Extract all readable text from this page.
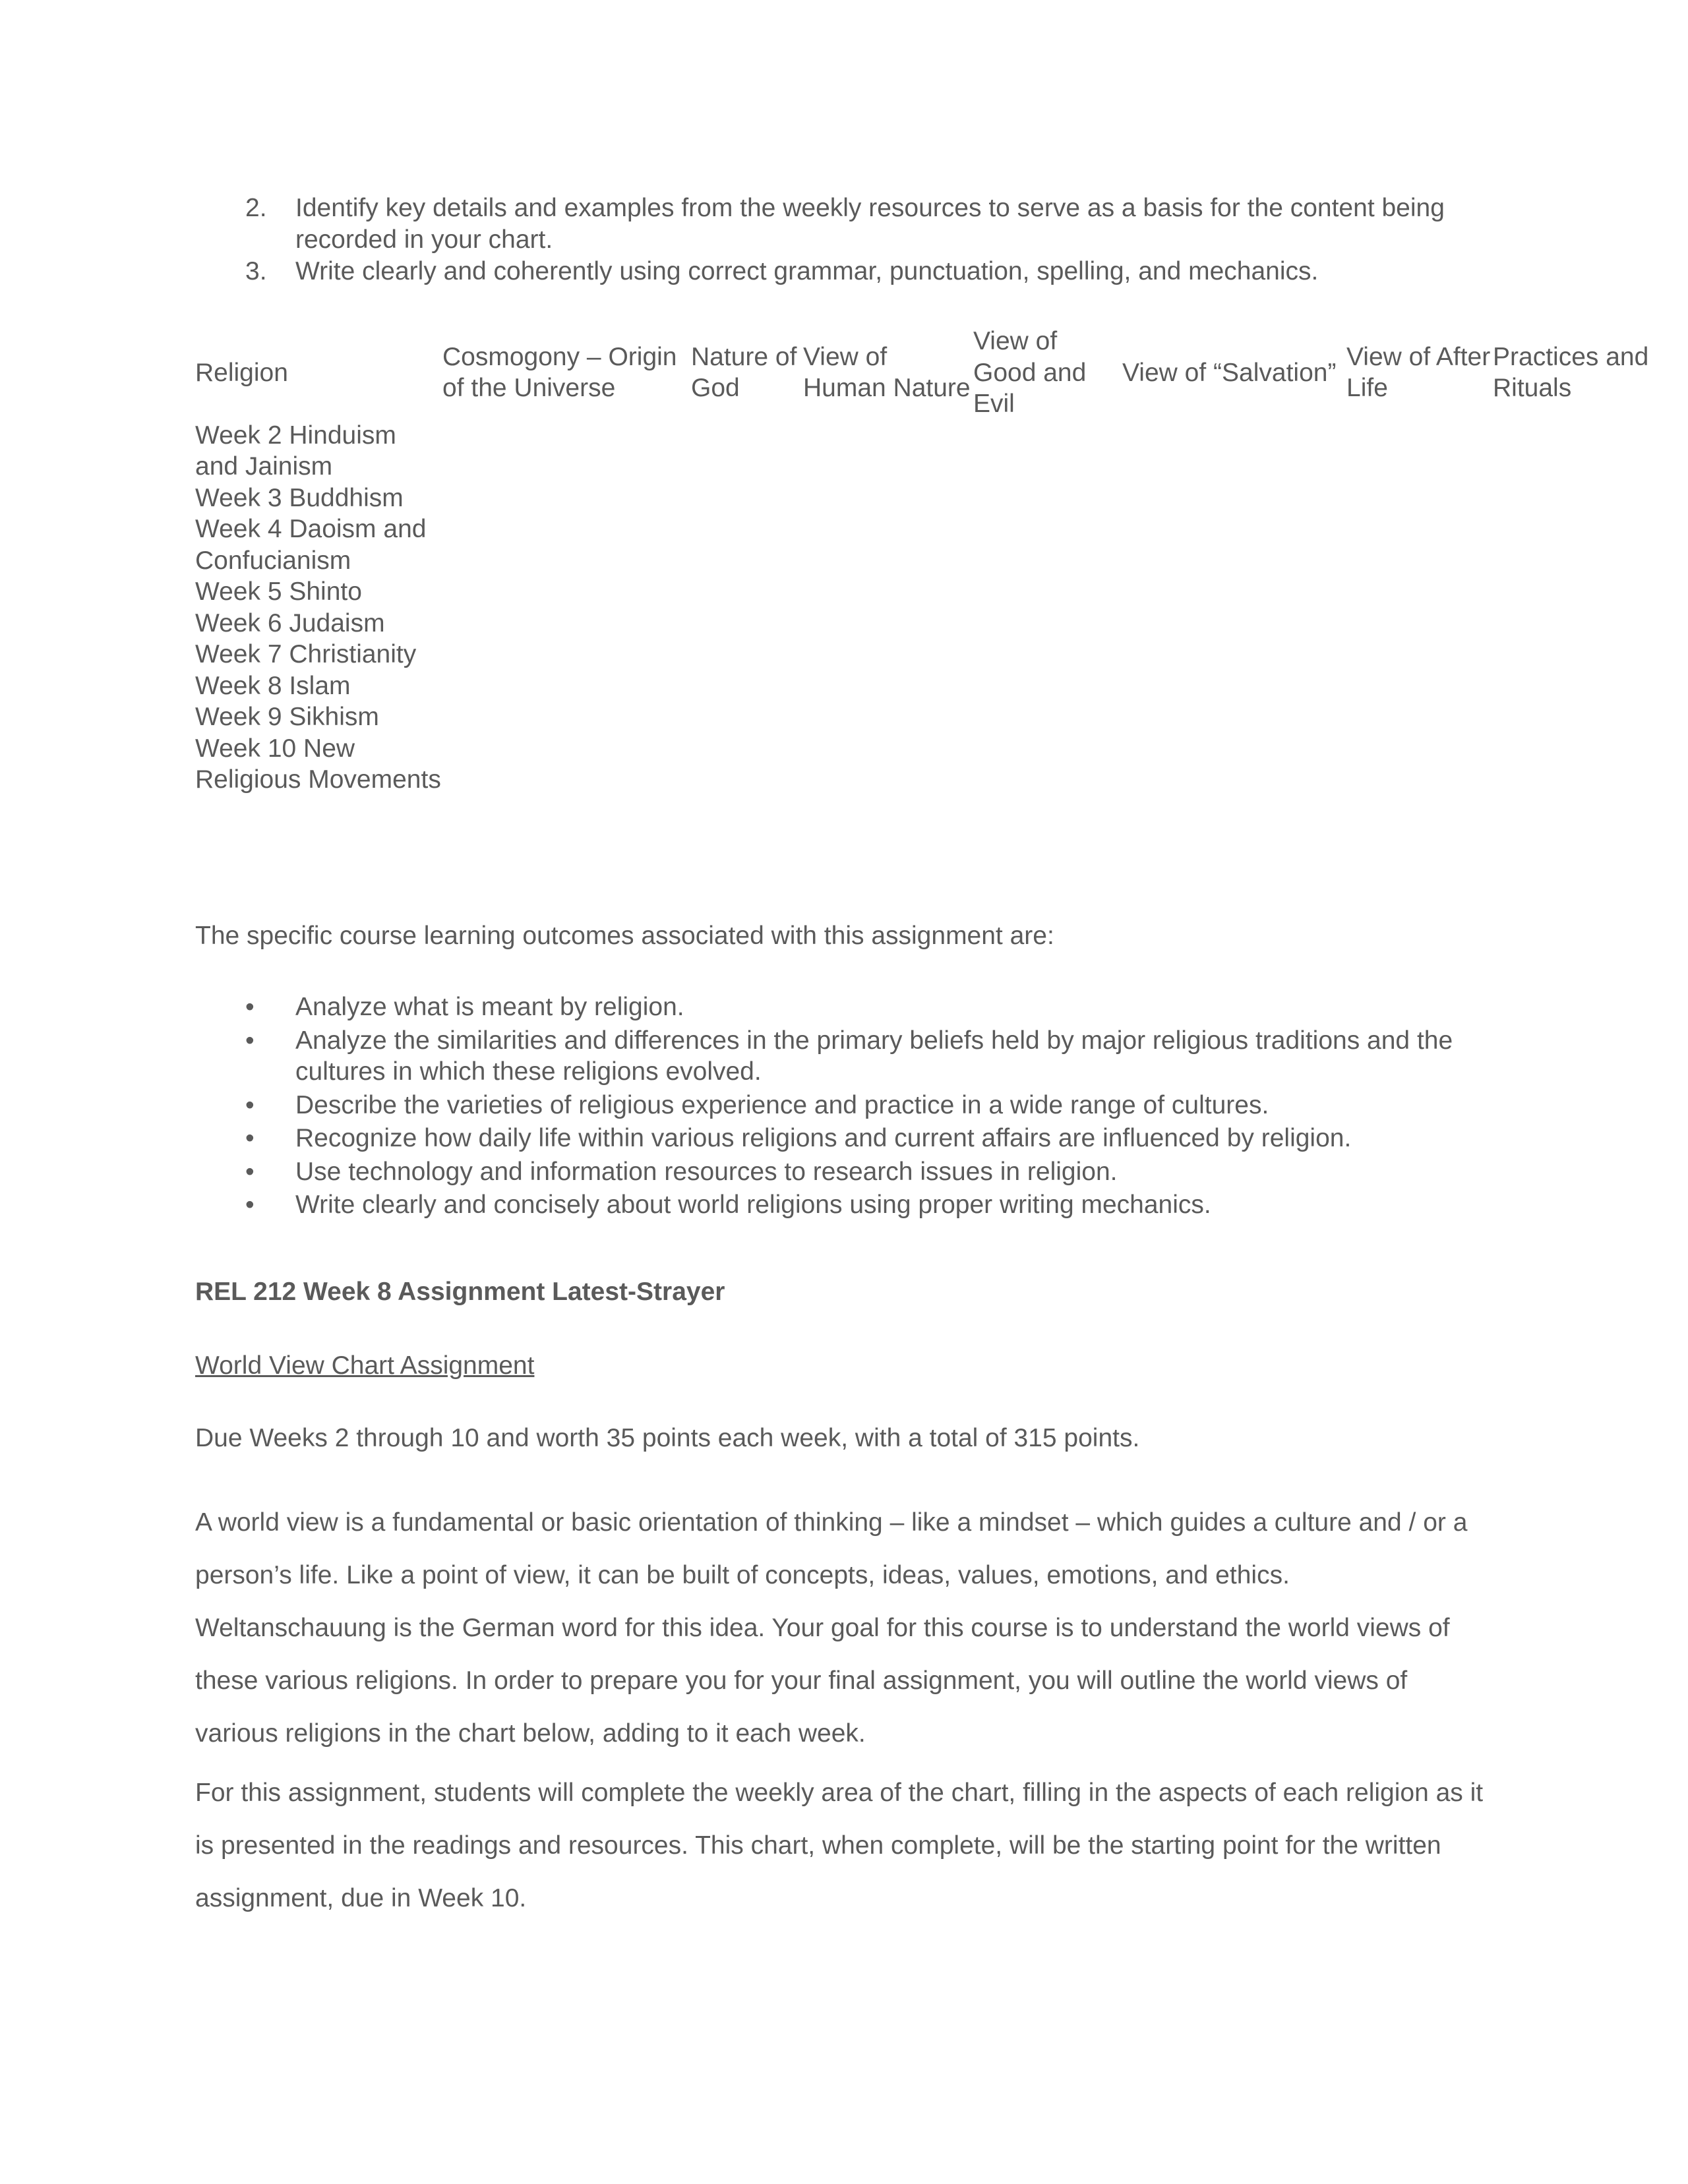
2. Identify key details and examples from the weekly resources to serve as a basis for the content being recorded in your chart.
3. Write clearly and coherently using correct grammar, punctuation, spelling, and mechanics.
Religion	Cosmogony – Origin of the Universe	Nature of God	View of Human Nature	View of Good and Evil	View of “Salvation”	View of After Life	Practices and Rituals
Week 2 Hinduism and Jainism							
Week 3 Buddhism							
Week 4 Daoism and Confucianism							
Week 5 Shinto							
Week 6 Judaism							
Week 7 Christianity							
Week 8 Islam							
Week 9 Sikhism							
Week 10 New Religious Movements							

The specific course learning outcomes associated with this assignment are:

• Analyze what is meant by religion.
• Analyze the similarities and differences in the primary beliefs held by major religious traditions and the cultures in which these religions evolved.
• Describe the varieties of religious experience and practice in a wide range of cultures.
• Recognize how daily life within various religions and current affairs are influenced by religion.
• Use technology and information resources to research issues in religion.
• Write clearly and concisely about world religions using proper writing mechanics.

REL 212 Week 8 Assignment Latest-Strayer

World View Chart Assignment

Due Weeks 2 through 10 and worth 35 points each week, with a total of 315 points.

A world view is a fundamental or basic orientation of thinking – like a mindset – which guides a culture and / or a person’s life. Like a point of view, it can be built of concepts, ideas, values, emotions, and ethics. Weltanschauung is the German word for this idea. Your goal for this course is to understand the world views of these various religions. In order to prepare you for your final assignment, you will outline the world views of various religions in the chart below, adding to it each week.

For this assignment, students will complete the weekly area of the chart, filling in the aspects of each religion as it is presented in the readings and resources. This chart, when complete, will be the starting point for the written assignment, due in Week 10.
